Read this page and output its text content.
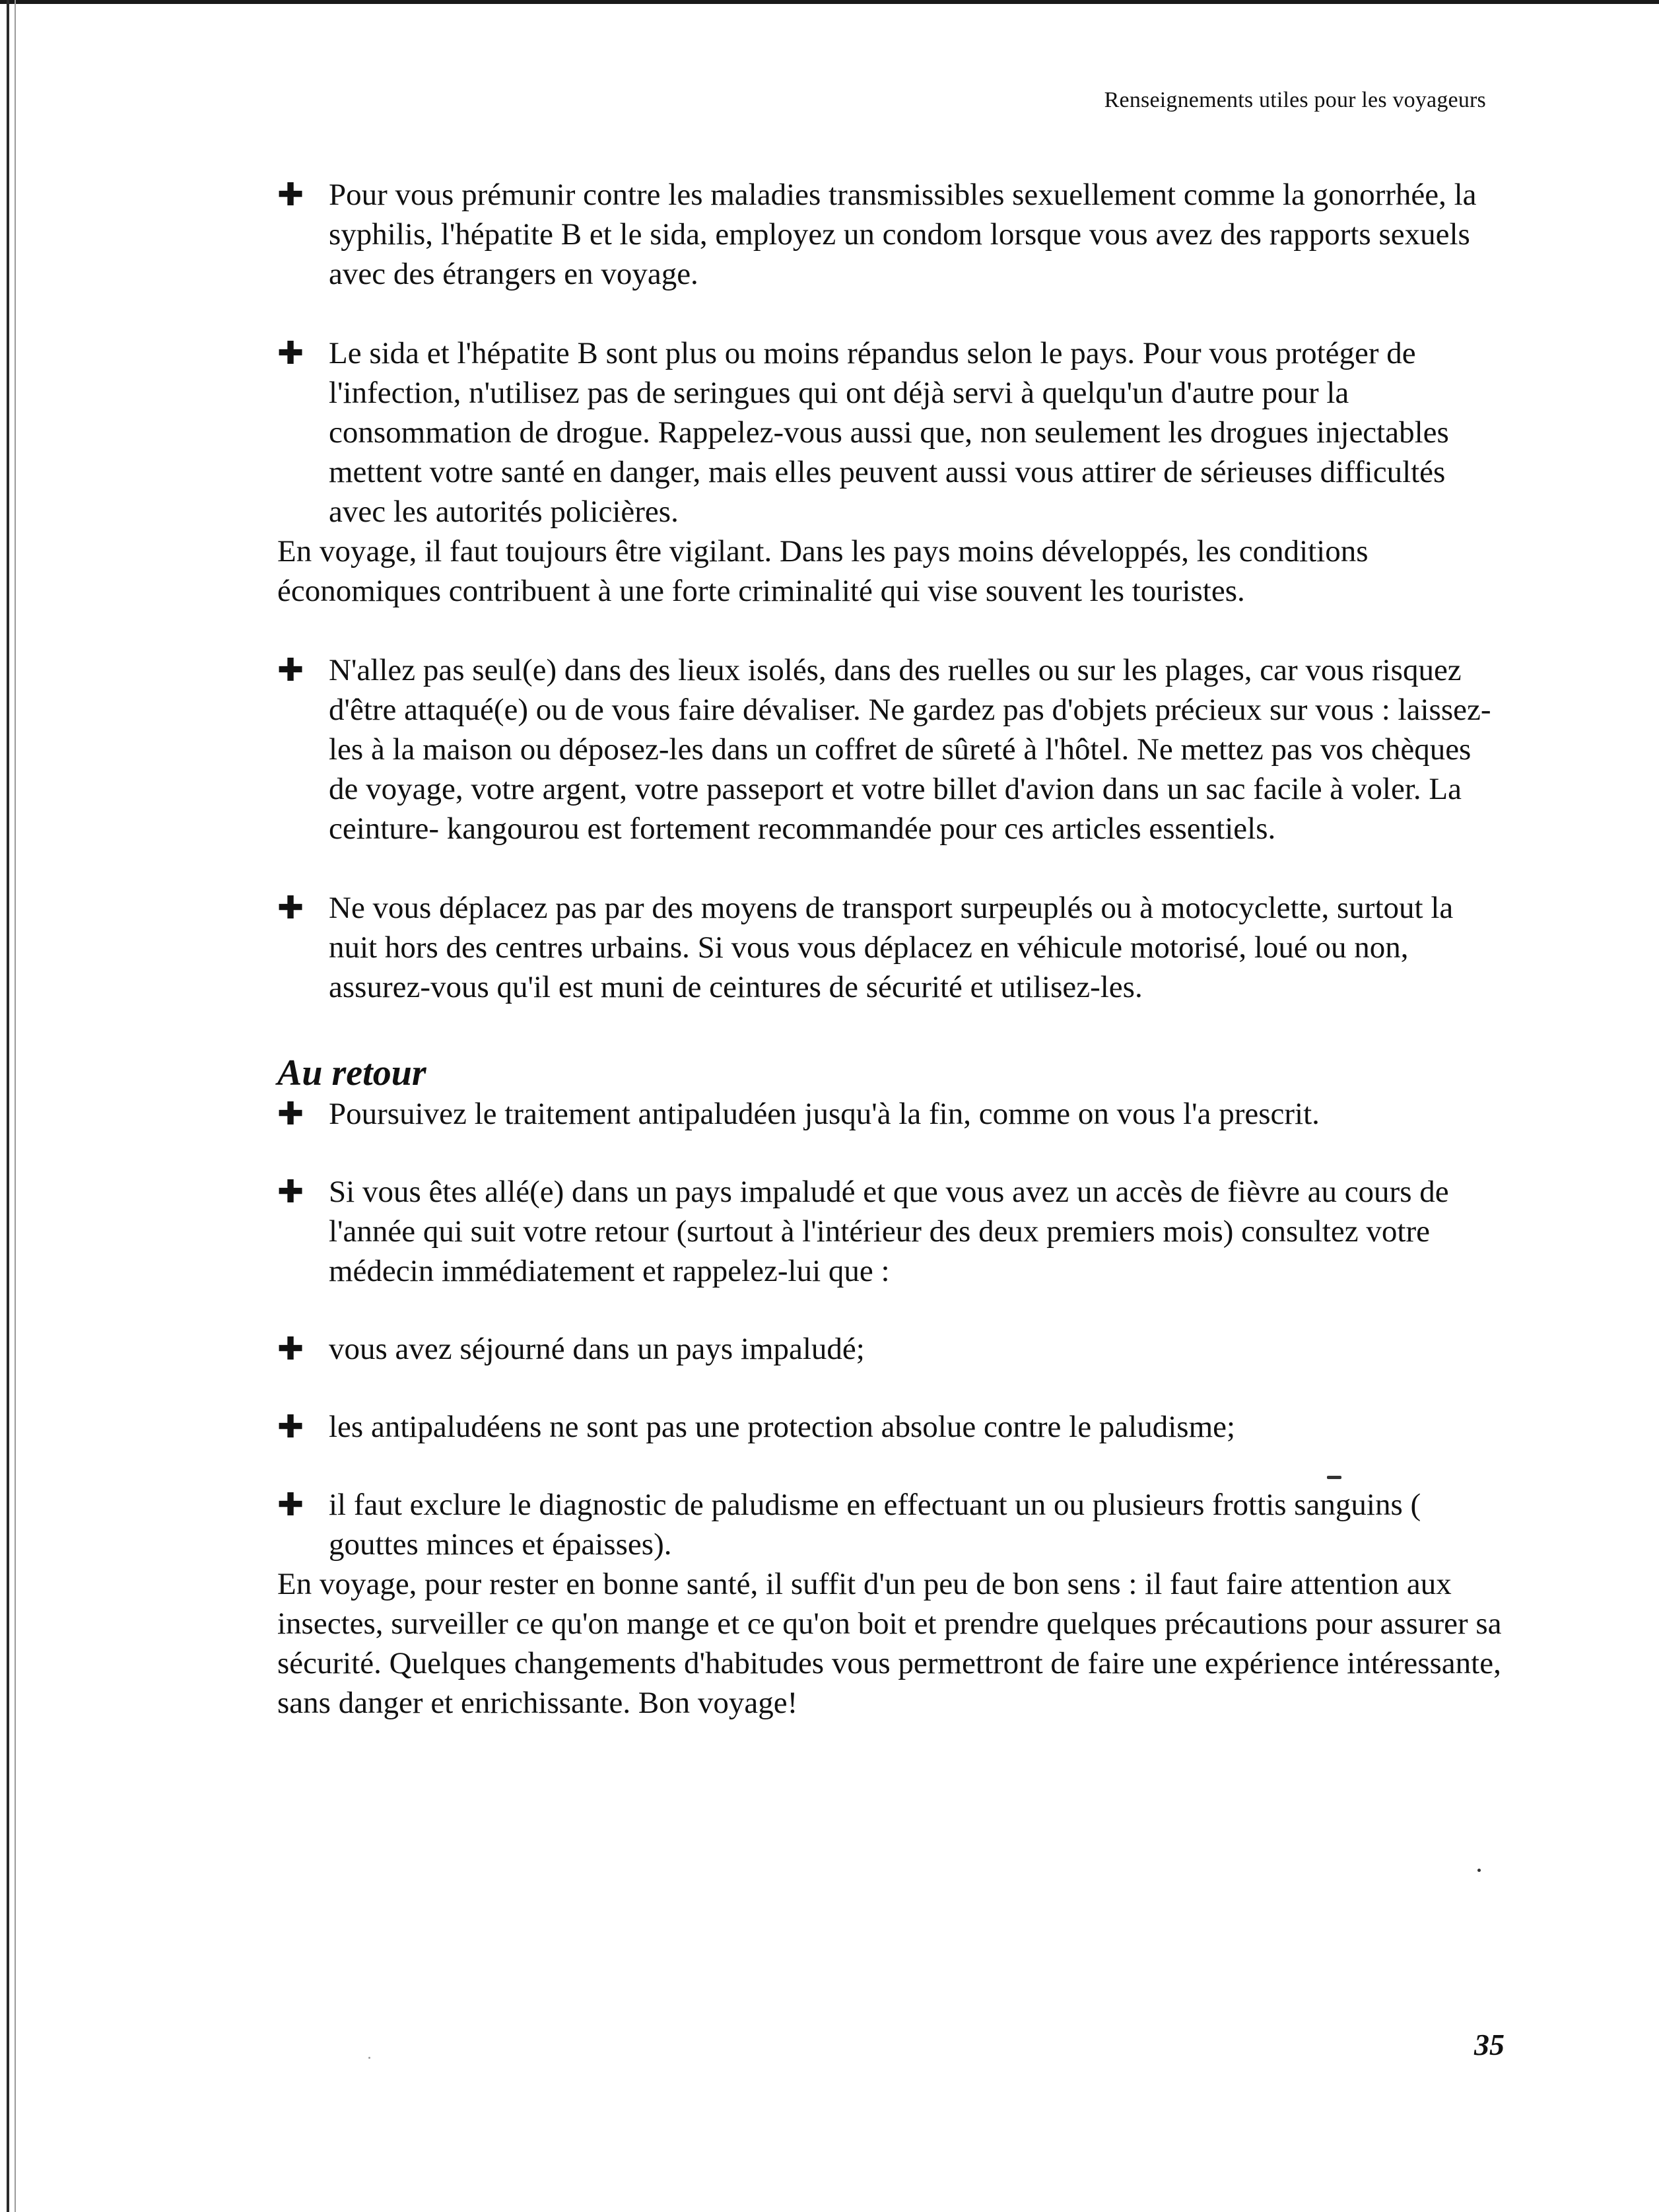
Renseignements utiles pour les voyageurs

✚ Pour vous prémunir contre les maladies transmissibles sexuellement comme la gonorrhée, la syphilis, l'hépatite B et le sida, employez un condom lorsque vous avez des rapports sexuels avec des étrangers en voyage.

✚ Le sida et l'hépatite B sont plus ou moins répandus selon le pays. Pour vous protéger de l'infection, n'utilisez pas de seringues qui ont déjà servi à quelqu'un d'autre pour la consommation de drogue. Rappelez-vous aussi que, non seulement les drogues injectables mettent votre santé en danger, mais elles peuvent aussi vous attirer de sérieuses difficultés avec les autorités policières.

En voyage, il faut toujours être vigilant. Dans les pays moins développés, les conditions économiques contribuent à une forte criminalité qui vise souvent les touristes.

✚ N'allez pas seul(e) dans des lieux isolés, dans des ruelles ou sur les plages, car vous risquez d'être attaqué(e) ou de vous faire dévaliser. Ne gardez pas d'objets précieux sur vous : laissez-les à la maison ou déposez-les dans un coffret de sûreté à l'hôtel. Ne mettez pas vos chèques de voyage, votre argent, votre passeport et votre billet d'avion dans un sac facile à voler. La ceinture- kangourou est fortement recommandée pour ces articles essentiels.

✚ Ne vous déplacez pas par des moyens de transport surpeuplés ou à motocyclette, surtout la nuit hors des centres urbains. Si vous vous déplacez en véhicule motorisé, loué ou non, assurez-vous qu'il est muni de ceintures de sécurité et utilisez-les.

Au retour

✚ Poursuivez le traitement antipaludéen jusqu'à la fin, comme on vous l'a prescrit.

✚ Si vous êtes allé(e) dans un pays impaludé et que vous avez un accès de fièvre au cours de l'année qui suit votre retour (surtout à l'intérieur des deux premiers mois) consultez votre médecin immédiatement et rappelez-lui que :

✚ vous avez séjourné dans un pays impaludé;

✚ les antipaludéens ne sont pas une protection absolue contre le paludisme;

✚ il faut exclure le diagnostic de paludisme en effectuant un ou plusieurs frottis sanguins ( gouttes minces et épaisses).

En voyage, pour rester en bonne santé, il suffit d'un peu de bon sens : il faut faire attention aux insectes, surveiller ce qu'on mange et ce qu'on boit et prendre quelques précautions pour assurer sa sécurité. Quelques changements d'habitudes vous permettront de faire une expérience intéressante, sans danger et enrichissante. Bon voyage!

35
